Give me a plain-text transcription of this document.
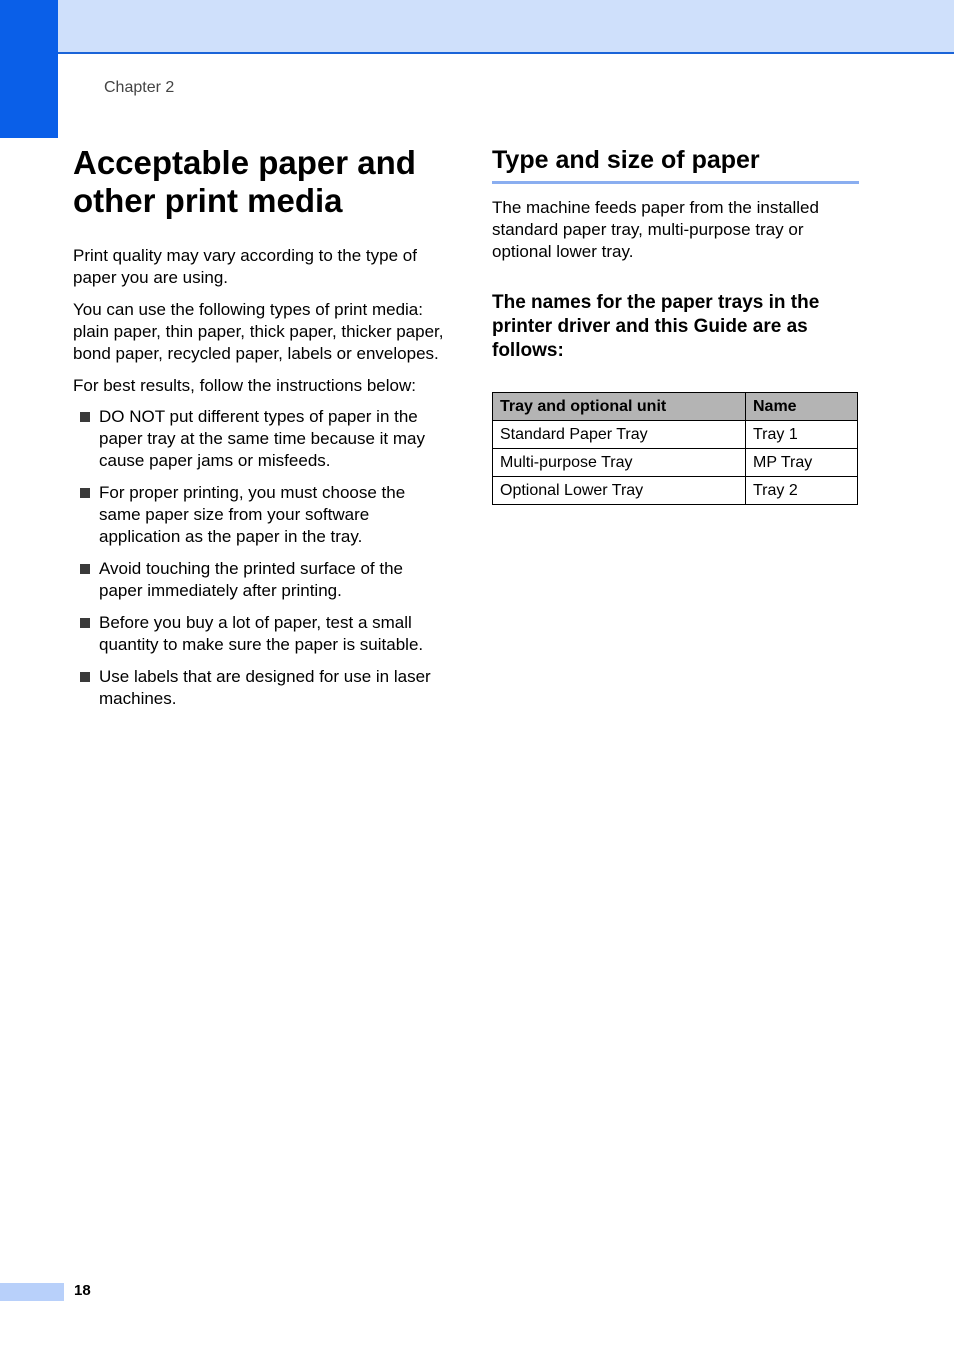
Chapter 2
Acceptable paper and
other print media

Print quality may vary according to the type of paper you are using.

You can use the following types of print media: plain paper, thin paper, thick paper, thicker paper, bond paper, recycled paper, labels or envelopes.

For best results, follow the instructions below:

DO NOT put different types of paper in the paper tray at the same time because it may cause paper jams or misfeeds.
For proper printing, you must choose the same paper size from your software application as the paper in the tray.
Avoid touching the printed surface of the paper immediately after printing.
Before you buy a lot of paper, test a small quantity to make sure the paper is suitable.
Use labels that are designed for use in laser machines.
Type and size of paper

The machine feeds paper from the installed standard paper tray, multi-purpose tray or optional lower tray.

The names for the paper trays in the printer driver and this Guide are as follows:
Tray and optional unit	Name
Standard Paper Tray	Tray 1
Multi-purpose Tray	MP Tray
Optional Lower Tray	Tray 2
18
